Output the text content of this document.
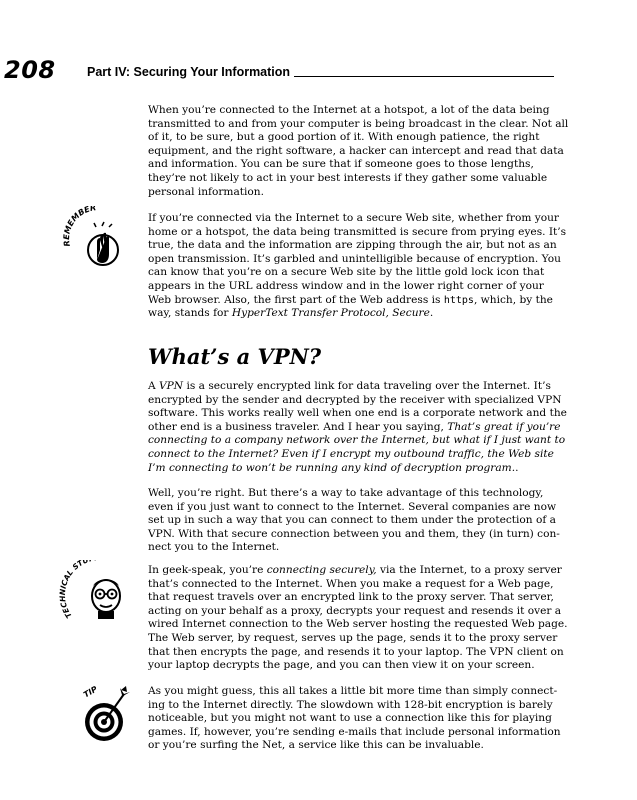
208	Part IV: Securing Your Information
When you’re connected to the Internet at a hotspot, a lot of the data being
transmitted to and from your computer is being broadcast in the clear. Not all
of it, to be sure, but a good portion of it. With enough patience, the right
equipment, and the right software, a hacker can intercept and read that data
and information. You can be sure that if someone goes to those lengths,
they’re not likely to act in your best interests if they gather some valuable
personal information.
REMEMBER
If you’re connected via the Internet to a secure Web site, whether from your
home or a hotspot, the data being transmitted is secure from prying eyes. It’s
true, the data and the information are zipping through the air, but not as an
open transmission. It’s garbled and unintelligible because of encryption. You
can know that you’re on a secure Web site by the little gold lock icon that
appears in the URL address window and in the lower right corner of your
Web browser. Also, the first part of the Web address is https, which, by the
way, stands for HyperText Transfer Protocol, Secure.
What’s a VPN?
A VPN is a securely encrypted link for data traveling over the Internet. It’s
encrypted by the sender and decrypted by the receiver with specialized VPN
software. This works really well when one end is a corporate network and the
other end is a business traveler. And I hear you saying, That’s great if you’re
connecting to a company network over the Internet, but what if I just want to
connect to the Internet? Even if I encrypt my outbound traffic, the Web site
I’m connecting to won’t be running any kind of decryption program..
Well, you’re right. But there’s a way to take advantage of this technology,
even if you just want to connect to the Internet. Several companies are now
set up in such a way that you can connect to them under the protection of a
VPN. With that secure connection between you and them, they (in turn) con-
nect you to the Internet.
TECHNICAL STU
In geek-speak, you’re connecting securely, via the Internet, to a proxy server
that’s connected to the Internet. When you make a request for a Web page,
that request travels over an encrypted link to the proxy server. That server,
acting on your behalf as a proxy, decrypts your request and resends it over a
wired Internet connection to the Web server hosting the requested Web page.
The Web server, by request, serves up the page, sends it to the proxy server
that then encrypts the page, and resends it to your laptop. The VPN client on
your laptop decrypts the page, and you can then view it on your screen.
TIP	As you might guess, this all takes a little bit more time than simply connect-
ing to the Internet directly. The slowdown with 128-bit encryption is barely
noticeable, but you might not want to use a connection like this for playing
games. If, however, you’re sending e-mails that include personal information
or you’re surfing the Net, a service like this can be invaluable.
